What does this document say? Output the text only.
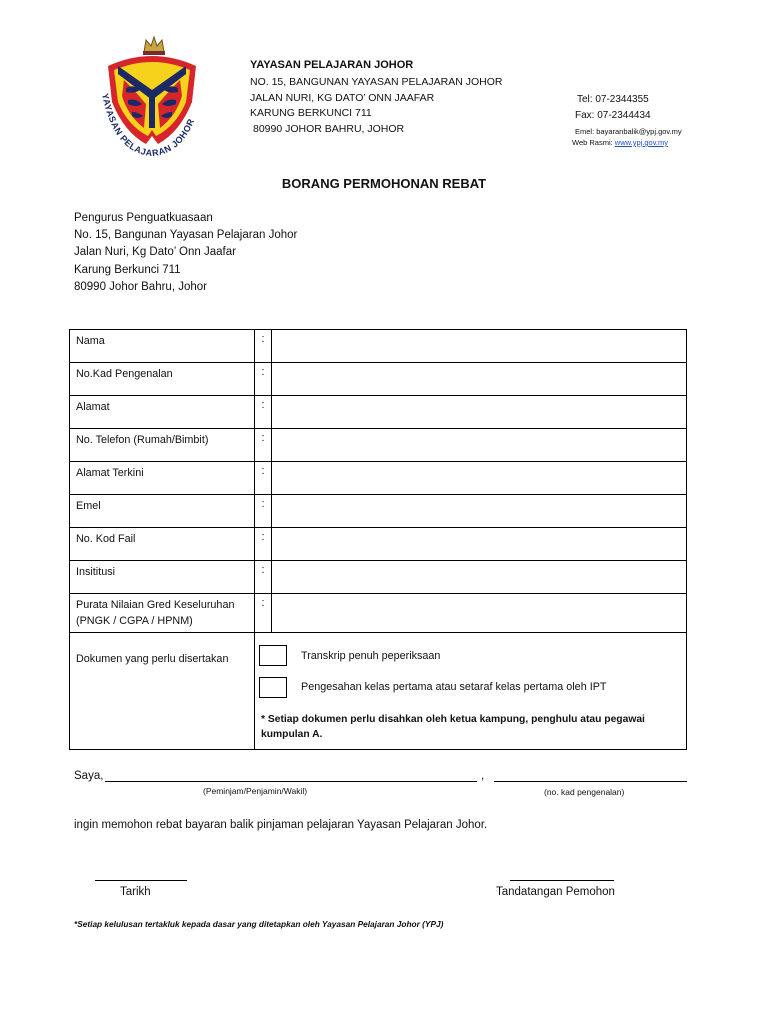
YAYASAN PELAJARAN JOHOR
YAYASAN PELAJARAN JOHOR
NO. 15, BANGUNAN YAYASAN PELAJARAN JOHOR
JALAN NURI, KG DATO’ ONN JAAFAR
KARUNG BERKUNCI 711
80990 JOHOR BAHRU, JOHOR
Tel: 07-2344355
Fax: 07-2344434
Emel: bayaranbalik@ypj.gov.my
Web Rasmi: www.ypj.gov.my
BORANG PERMOHONAN REBAT
Pengurus Penguatkuasaan
No. 15, Bangunan Yayasan Pelajaran Johor
Jalan Nuri, Kg Dato’ Onn Jaafar
Karung Berkunci 711
80990 Johor Bahru, Johor
Nama	:	
No.Kad Pengenalan	:	
Alamat	:	
No. Telefon (Rumah/Bimbit)	:	
Alamat Terkini	:	
Emel	:	
No. Kod Fail	:	
Insititusi	:	

Purata Nilaian Gred Keseluruhan
(PNGK / CGPA / HPNM)	:	
Dokumen yang perlu disertakan	Transkrip penuh peperiksaan
Pengesahan kelas pertama atau setaraf kelas pertama oleh IPT
* Setiap dokumen perlu disahkan oleh ketua kampung, penghulu atau pegawai kumpulan A.	
Saya,	,
(Peminjam/Penjamin/Wakil)	(no. kad pengenalan)
ingin memohon rebat bayaran balik pinjaman pelajaran Yayasan Pelajaran Johor.
Tarikh	Tandatangan Pemohon
*Setiap kelulusan tertakluk kepada dasar yang ditetapkan oleh Yayasan Pelajaran Johor (YPJ)
